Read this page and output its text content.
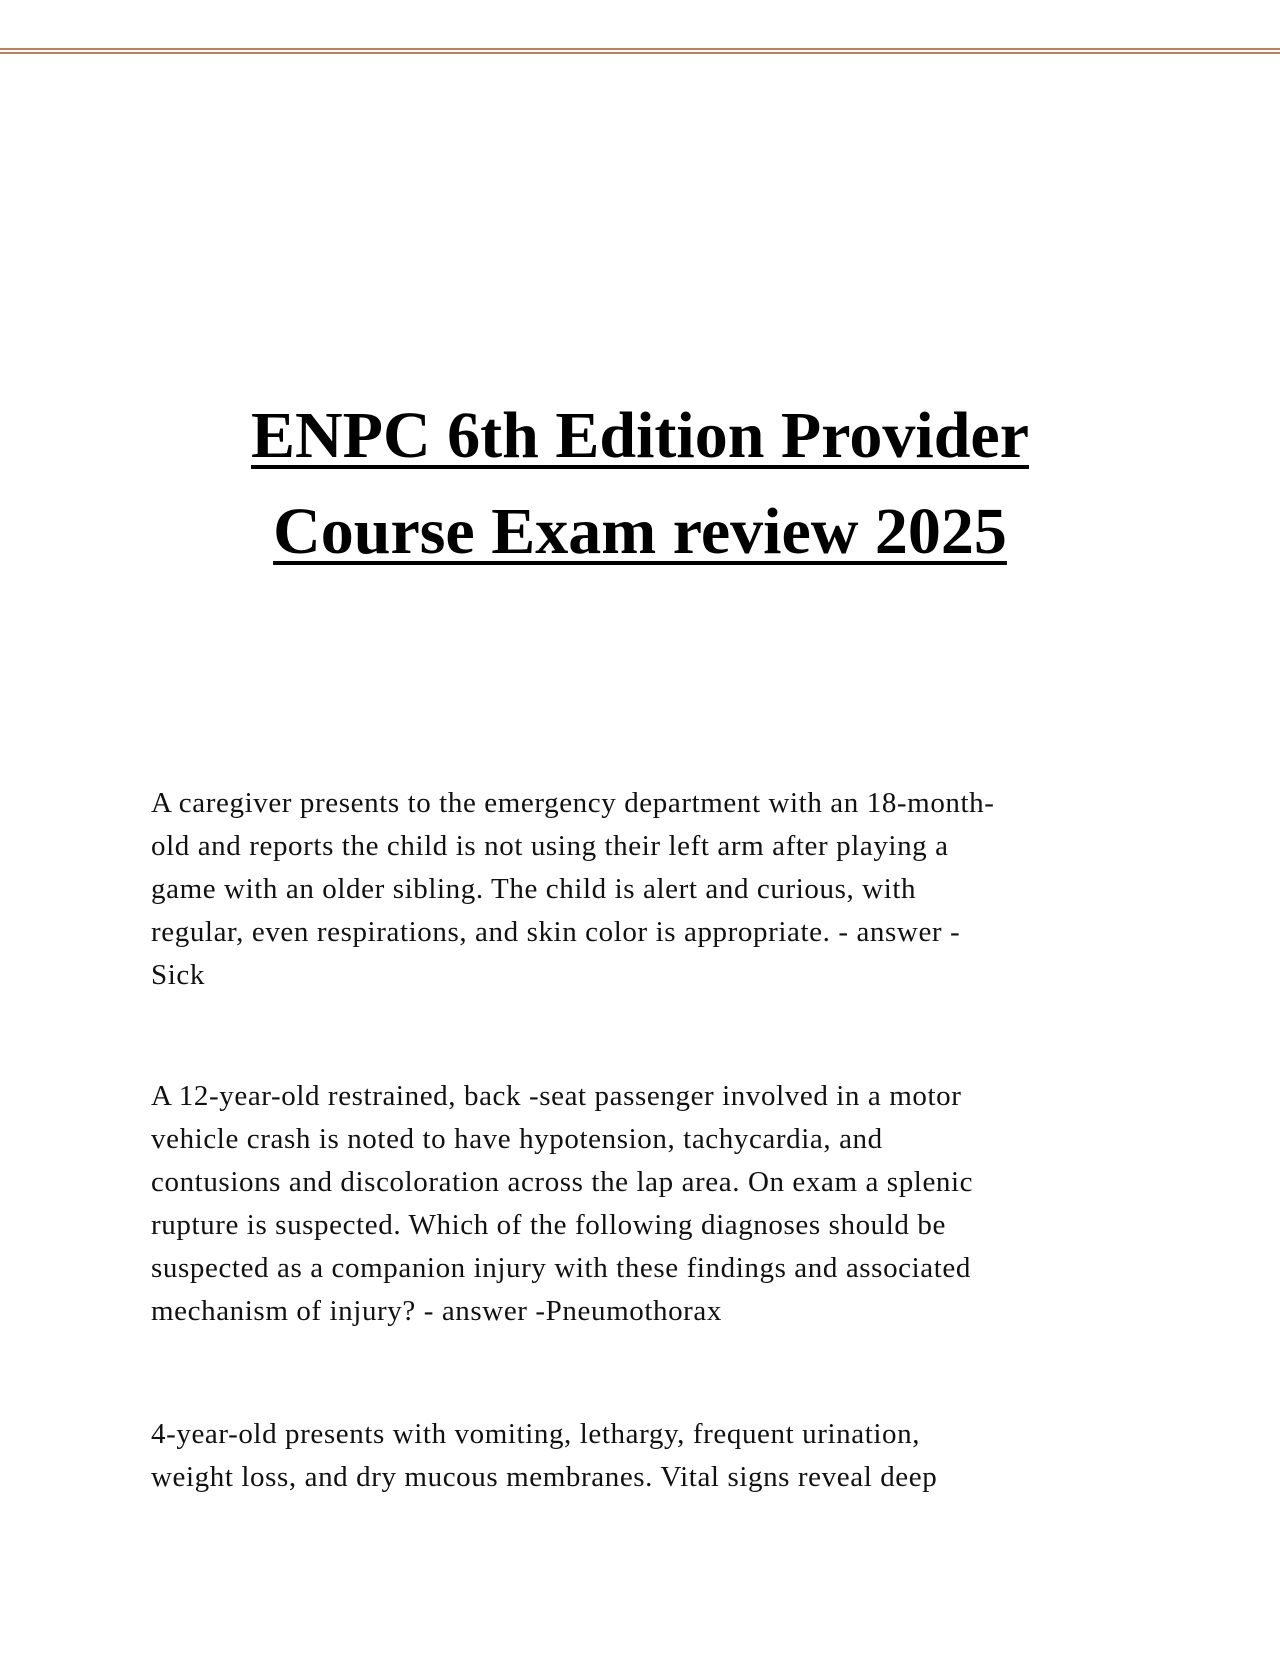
ENPC 6th Edition Provider
Course Exam review 2025

A caregiver presents to the emergency department with an 18-month-
old and reports the child is not using their left arm after playing a
game with an older sibling. The child is alert and curious, with
regular, even respirations, and skin color is appropriate. - answer -
Sick

A 12-year-old restrained, back -seat passenger involved in a motor
vehicle crash is noted to have hypotension, tachycardia, and
contusions and discoloration across the lap area. On exam a splenic
rupture is suspected. Which of the following diagnoses should be
suspected as a companion injury with these findings and associated
mechanism of injury? - answer -Pneumothorax

4-year-old presents with vomiting, lethargy, frequent urination,
weight loss, and dry mucous membranes. Vital signs reveal deep
